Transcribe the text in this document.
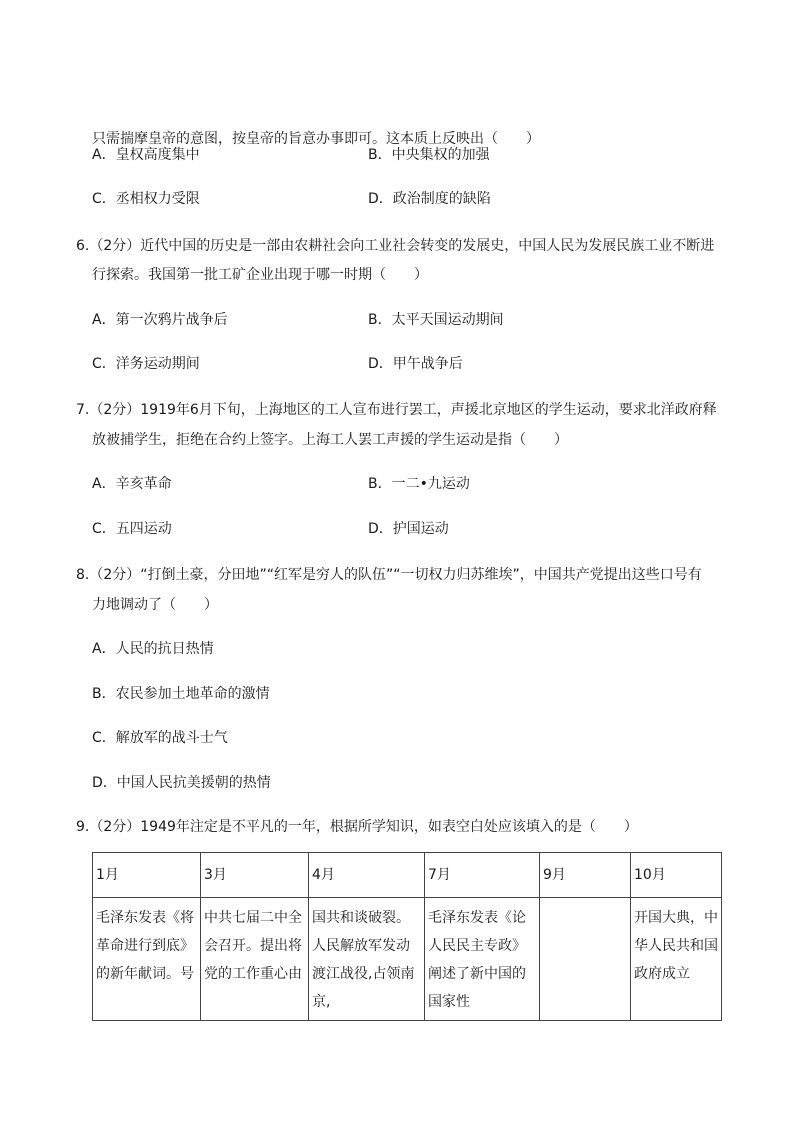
只需揣摩皇帝的意图，按皇帝的旨意办事即可。这本质上反映出（　　）
A．皇权高度集中	B．中央集权的加强
C．丞相权力受限	D．政治制度的缺陷
6.（2分）近代中国的历史是一部由农耕社会向工业社会转变的发展史，中国人民为发展民族工业不断进
行探索。我国第一批工矿企业出现于哪一时期（　　）
A．第一次鸦片战争后	B．太平天国运动期间
C．洋务运动期间	D．甲午战争后
7.（2分）1919年6月下旬，上海地区的工人宣布进行罢工，声援北京地区的学生运动，要求北洋政府释
放被捕学生，拒绝在合约上签字。上海工人罢工声援的学生运动是指（　　）
A．辛亥革命	B．一二•九运动
C．五四运动	D．护国运动
8.（2分）“打倒土豪，分田地”“红军是穷人的队伍”“一切权力归苏维埃”，中国共产党提出这些口号有
力地调动了（　　）
A．人民的抗日热情
B．农民参加土地革命的激情
C．解放军的战斗士气
D．中国人民抗美援朝的热情
9.（2分）1949年注定是不平凡的一年，根据所学知识，如表空白处应该填入的是（　　）
1月	3月	4月	7月	9月	10月
毛泽东发表《将革命进行到底》的新年献词。号	中共七届二中全会召开。提出将党的工作重心由	国共和谈破裂。人民解放军发动渡江战役,占领南京,	毛泽东发表《论人民民主专政》阐述了新中国的国家性		开国大典，中华人民共和国政府成立
